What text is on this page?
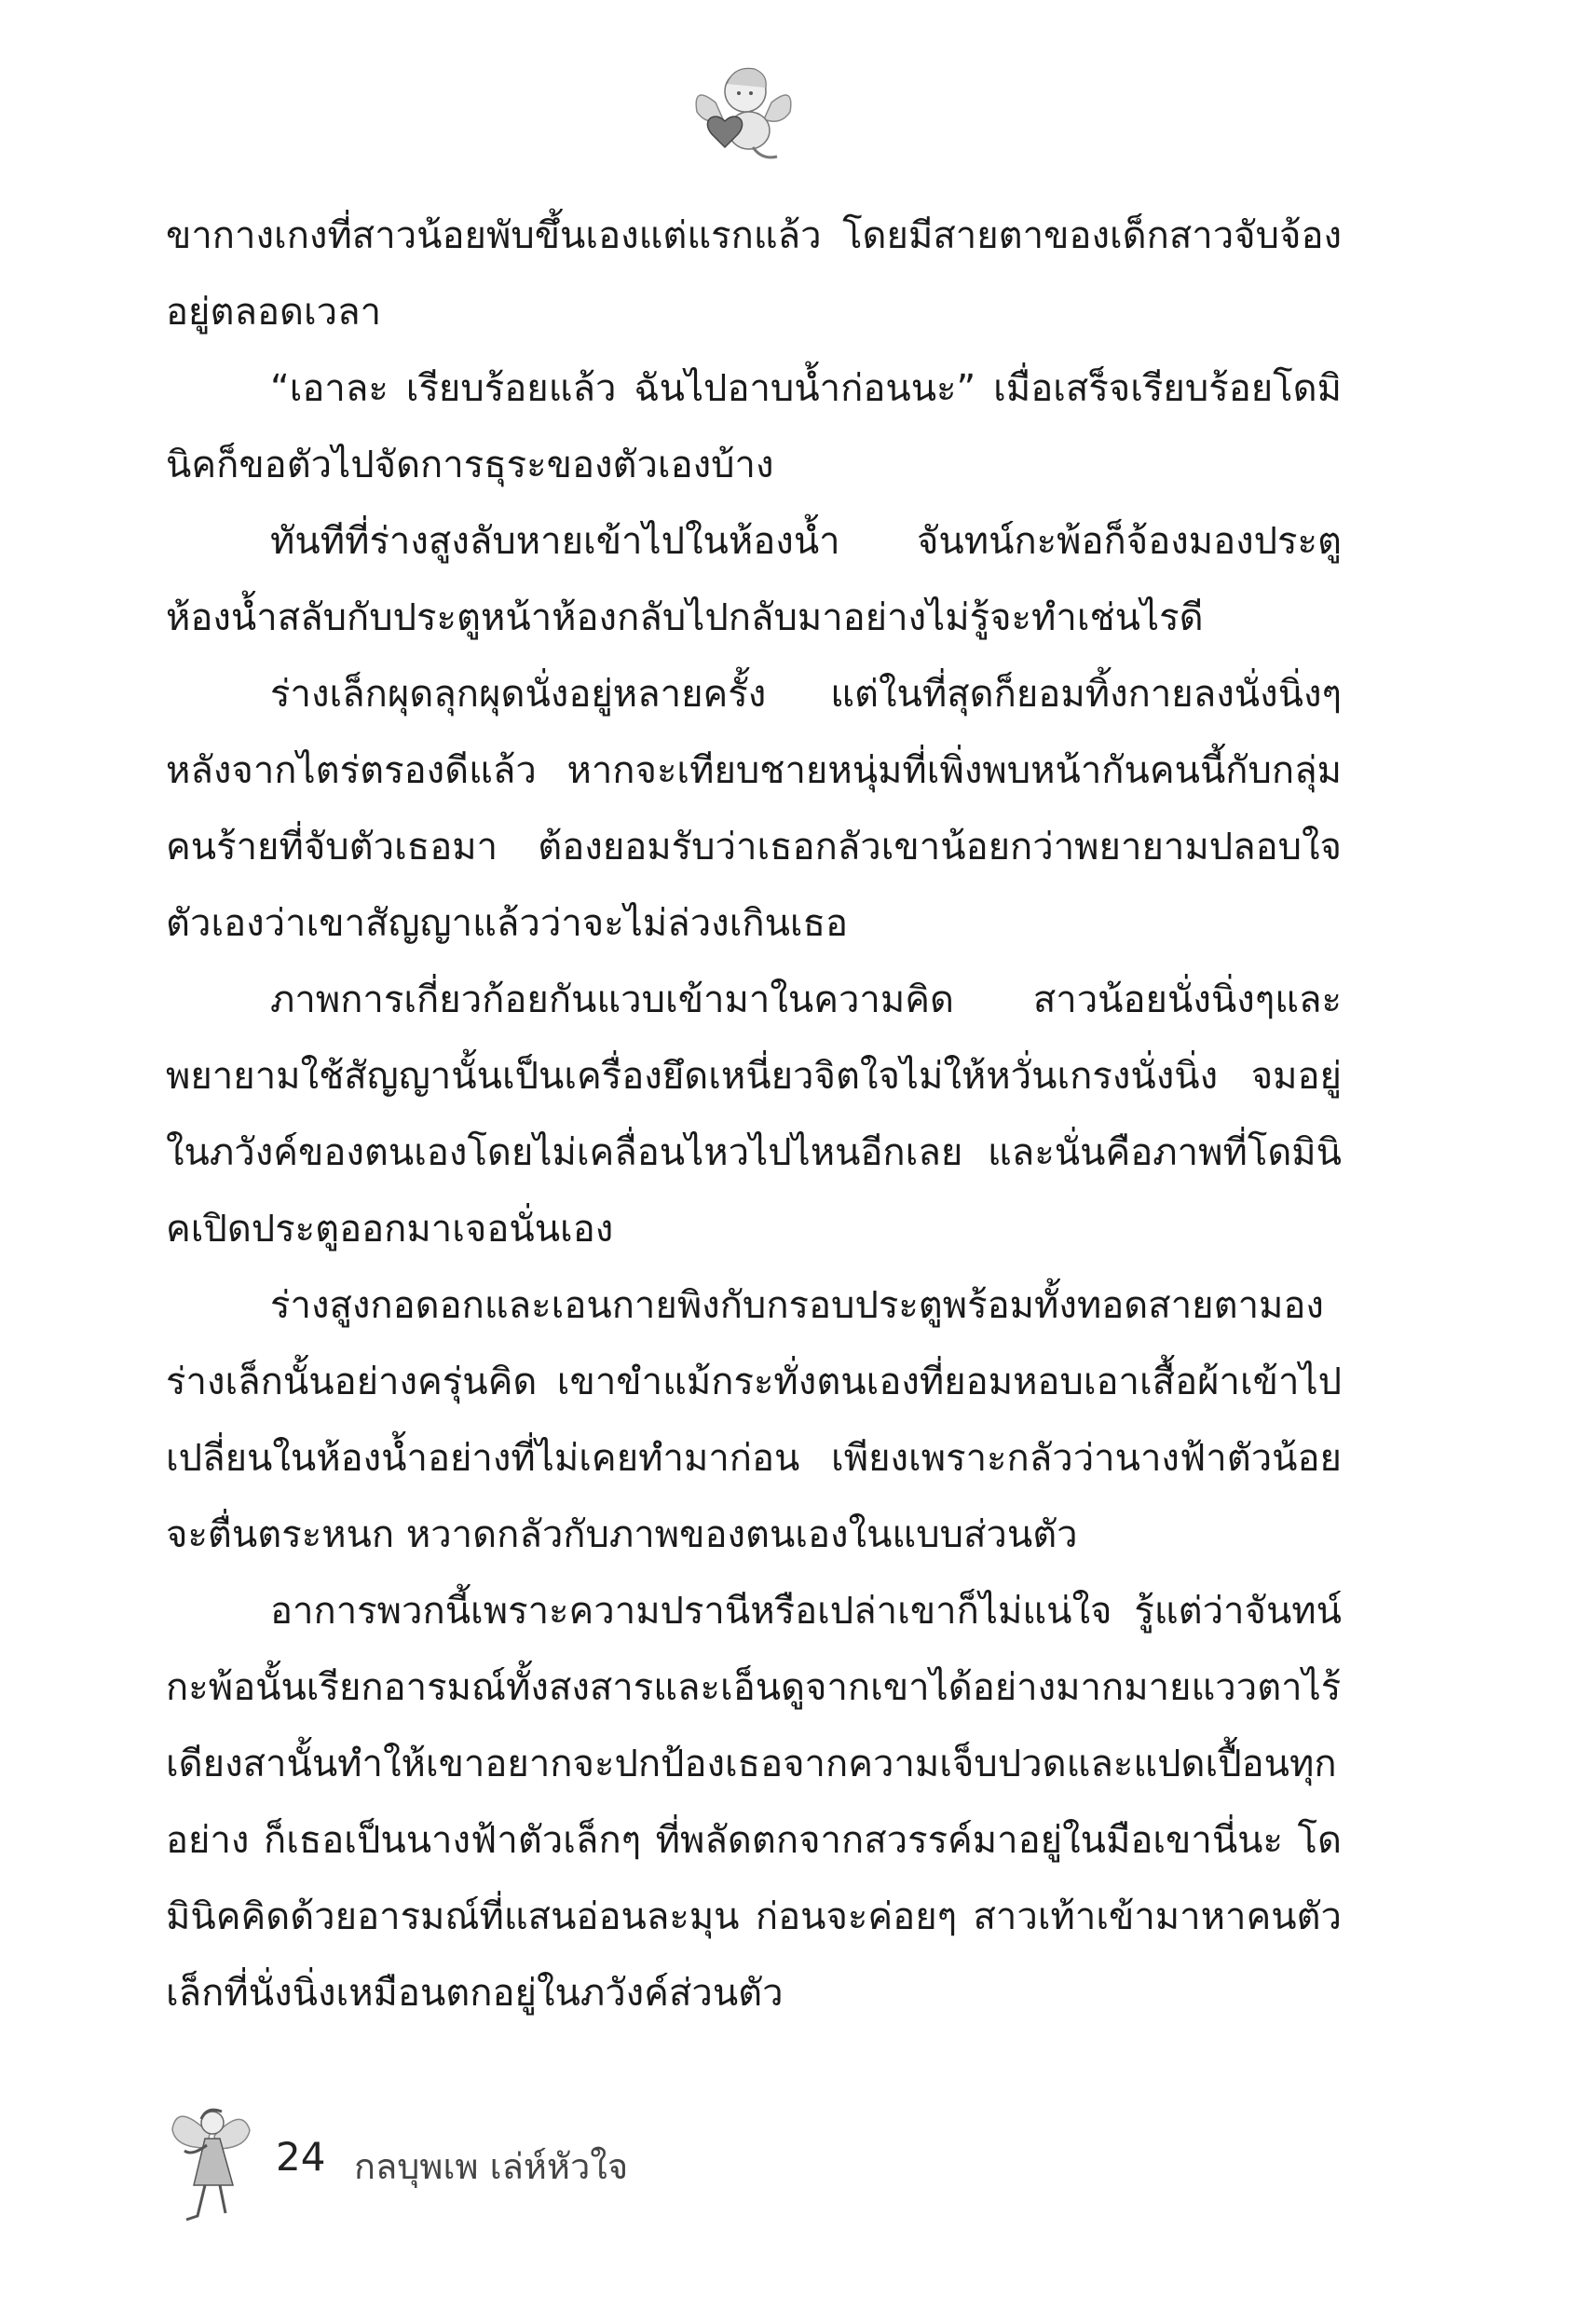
ขากางเกงที่สาวน้อยพับขึ้นเองแต่แรกแล้ว โดยมีสายตาของเด็กสาวจับจ้องอยู่ตลอดเวลา

“เอาละ เรียบร้อยแล้ว ฉันไปอาบน้ำก่อนนะ” เมื่อเสร็จเรียบร้อยโดมินิคก็ขอตัวไปจัดการธุระของตัวเองบ้าง

ทันทีที่ร่างสูงลับหายเข้าไปในห้องน้ำ จันทน์กะพ้อก็จ้องมองประตูห้องน้ำสลับกับประตูหน้าห้องกลับไปกลับมาอย่างไม่รู้จะทำเช่นไรดี

ร่างเล็กผุดลุกผุดนั่งอยู่หลายครั้ง แต่ในที่สุดก็ยอมทิ้งกายลงนั่งนิ่งๆ หลังจากไตร่ตรองดีแล้ว หากจะเทียบชายหนุ่มที่เพิ่งพบหน้ากันคนนี้กับกลุ่มคนร้ายที่จับตัวเธอมา ต้องยอมรับว่าเธอกลัวเขาน้อยกว่าพยายามปลอบใจตัวเองว่าเขาสัญญาแล้วว่าจะไม่ล่วงเกินเธอ

ภาพการเกี่ยวก้อยกันแวบเข้ามาในความคิด สาวน้อยนั่งนิ่งๆและพยายามใช้สัญญานั้นเป็นเครื่องยึดเหนี่ยวจิตใจไม่ให้หวั่นเกรงนั่งนิ่ง จมอยู่ในภวังค์ของตนเองโดยไม่เคลื่อนไหวไปไหนอีกเลย และนั่นคือภาพที่โดมินิคเปิดประตูออกมาเจอนั่นเอง

ร่างสูงกอดอกและเอนกายพิงกับกรอบประตูพร้อมทั้งทอดสายตามองร่างเล็กนั้นอย่างครุ่นคิด เขาขำแม้กระทั่งตนเองที่ยอมหอบเอาเสื้อผ้าเข้าไปเปลี่ยนในห้องน้ำอย่างที่ไม่เคยทำมาก่อน เพียงเพราะกลัวว่านางฟ้าตัวน้อยจะตื่นตระหนก หวาดกลัวกับภาพของตนเองในแบบส่วนตัว

อาการพวกนี้เพราะความปรานีหรือเปล่าเขาก็ไม่แน่ใจ รู้แต่ว่าจันทน์กะพ้อนั้นเรียกอารมณ์ทั้งสงสารและเอ็นดูจากเขาได้อย่างมากมายแววตาไร้เดียงสานั้นทำให้เขาอยากจะปกป้องเธอจากความเจ็บปวดและแปดเปื้อนทุกอย่าง ก็เธอเป็นนางฟ้าตัวเล็กๆ ที่พลัดตกจากสวรรค์มาอยู่ในมือเขานี่นะ โดมินิคคิดด้วยอารมณ์ที่แสนอ่อนละมุน ก่อนจะค่อยๆ สาวเท้าเข้ามาหาคนตัวเล็กที่นั่งนิ่งเหมือนตกอยู่ในภวังค์ส่วนตัว

24 กลบุพเพ เล่ห์หัวใจ
